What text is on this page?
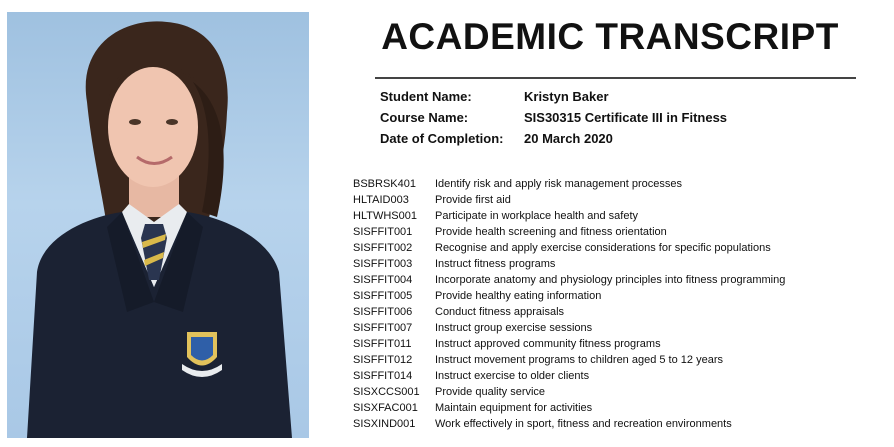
ACADEMIC TRANSCRIPT
Student Name:	Kristyn Baker
Course Name:	SIS30315 Certificate III in Fitness
Date of Completion:	20 March 2020
BSBRSK401	Identify risk and apply risk management processes
HLTAID003	Provide first aid
HLTWHS001	Participate in workplace health and safety
SISFFIT001	Provide health screening and fitness orientation
SISFFIT002	Recognise and apply exercise considerations for specific populations
SISFFIT003	Instruct fitness programs
SISFFIT004	Incorporate anatomy and physiology principles into fitness programming
SISFFIT005	Provide healthy eating information
SISFFIT006	Conduct fitness appraisals
SISFFIT007	Instruct group exercise sessions
SISFFIT011	Instruct approved community fitness programs
SISFFIT012	Instruct movement programs to children aged 5 to 12 years
SISFFIT014	Instruct exercise to older clients
SISXCCS001	Provide quality service
SISXFAC001	Maintain equipment for activities
SISXIND001	Work effectively in sport, fitness and recreation environments
